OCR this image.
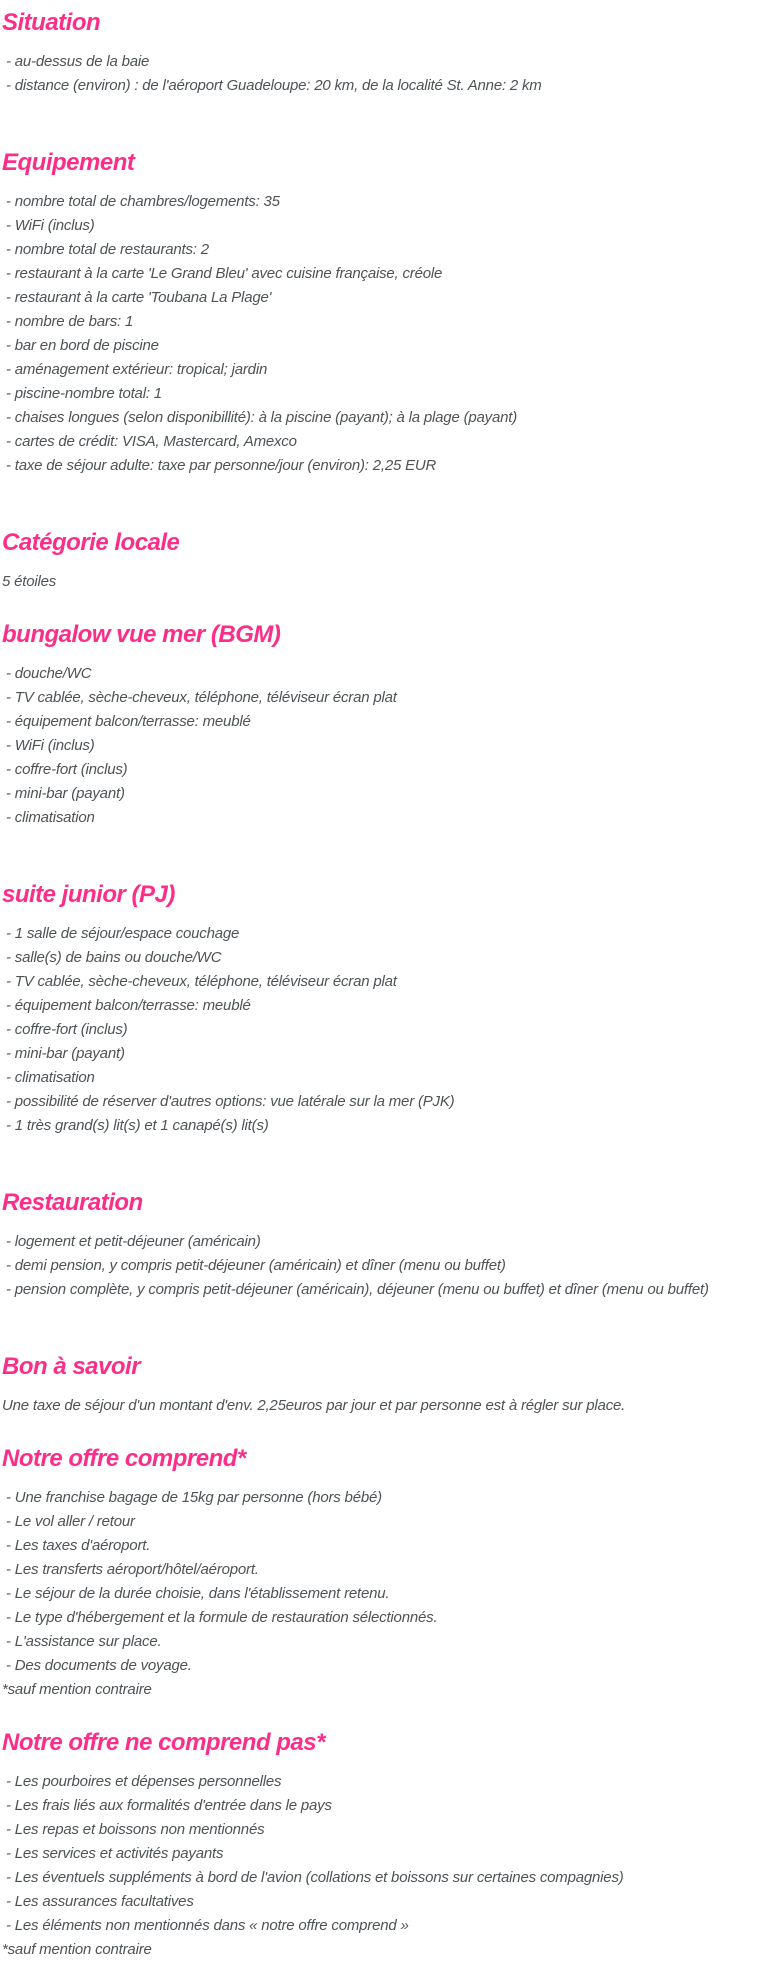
Situation

- au-dessus de la baie

- distance (environ) : de l'aéroport Guadeloupe: 20 km, de la localité St. Anne: 2 km

Equipement

- nombre total de chambres/logements: 35

- WiFi (inclus)

- nombre total de restaurants: 2

- restaurant à la carte 'Le Grand Bleu' avec cuisine française, créole

- restaurant à la carte 'Toubana La Plage'

- nombre de bars: 1

- bar en bord de piscine

- aménagement extérieur: tropical; jardin

- piscine-nombre total: 1

- chaises longues (selon disponibillité): à la piscine (payant); à la plage (payant)

- cartes de crédit: VISA, Mastercard, Amexco

- taxe de séjour adulte: taxe par personne/jour (environ): 2,25 EUR

Catégorie locale

5 étoiles

bungalow vue mer (BGM)

- douche/WC

- TV cablée, sèche-cheveux, téléphone, téléviseur écran plat

- équipement balcon/terrasse: meublé

- WiFi (inclus)

- coffre-fort (inclus)

- mini-bar (payant)

- climatisation

suite junior (PJ)

- 1 salle de séjour/espace couchage

- salle(s) de bains ou douche/WC

- TV cablée, sèche-cheveux, téléphone, téléviseur écran plat

- équipement balcon/terrasse: meublé

- coffre-fort (inclus)

- mini-bar (payant)

- climatisation

- possibilité de réserver d'autres options: vue latérale sur la mer (PJK)

- 1 très grand(s) lit(s) et 1 canapé(s) lit(s)

Restauration

- logement et petit-déjeuner (américain)

- demi pension, y compris petit-déjeuner (américain) et dîner (menu ou buffet)

- pension complète, y compris petit-déjeuner (américain), déjeuner (menu ou buffet) et dîner (menu ou buffet)

Bon à savoir

Une taxe de séjour d'un montant d'env. 2,25euros par jour et par personne est à régler sur place.

Notre offre comprend*

- Une franchise bagage de 15kg par personne (hors bébé)

- Le vol aller / retour

- Les taxes d'aéroport.

- Les transferts aéroport/hôtel/aéroport.

- Le séjour de la durée choisie, dans l'établissement retenu.

- Le type d'hébergement et la formule de restauration sélectionnés.

- L'assistance sur place.

- Des documents de voyage.

*sauf mention contraire

Notre offre ne comprend pas*

- Les pourboires et dépenses personnelles

- Les frais liés aux formalités d'entrée dans le pays

- Les repas et boissons non mentionnés

- Les services et activités payants

- Les éventuels suppléments à bord de l'avion (collations et boissons sur certaines compagnies)

- Les assurances facultatives

- Les éléments non mentionnés dans « notre offre comprend »

*sauf mention contraire
